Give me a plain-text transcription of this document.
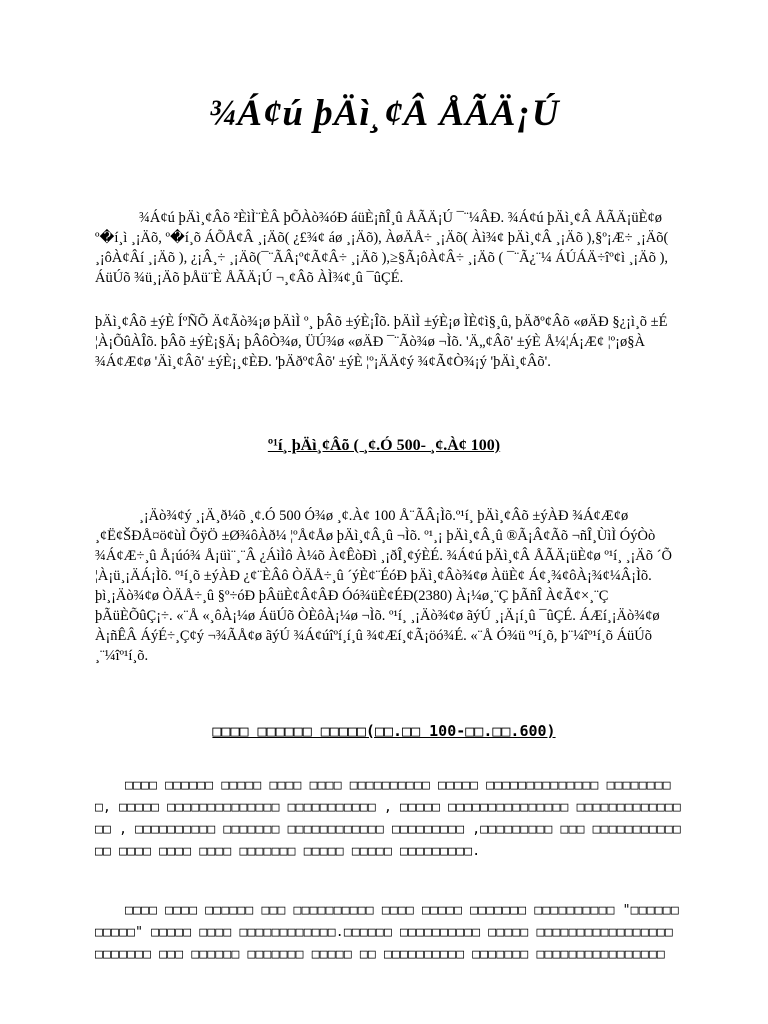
¾Á¢ú þÄì¸¢Â ÅÃÄ¡Ú

¾Á¢ú þÄì¸¢Âõ ²ÈìÌ¨ÈÂ þÕÀò¾óÐ áüÈ¡ñÎ¸û ÅÃÄ¡Ú ¯¨¼ÂÐ. ¾Á¢ú þÄì¸¢Â ÅÃÄ¡üÈ¢ø º�í¸ì ¸¡Äõ, º�í¸õ ÁÕÅ¢Â ¸¡Äõ( ¿£¾¢ áø ¸¡Äõ), ÀøÄÅ÷ ¸¡Äõ( Àì¾¢ þÄì¸¢Â ¸¡Äõ ),§º¡Æ÷ ¸¡Äõ( ¸¡ôÀ¢Âí ¸¡Äõ ), ¿¡Â¸÷ ¸¡Äõ(¯¨ÃÂ¡º¢Ã¢Â÷ ¸¡Äõ ),≥§Ã¡ôÀ¢Â÷ ¸¡Äõ ( ¯¨Ã¿¨¼ ÁÚÁÄ÷îº¢ì ¸¡Äõ ), ÁüÚõ ¾ü¸¡Äõ þÅü¨È ÅÃÄ¡Ú ¬¸¢Âõ ÀÌ¾¢¸û ¯ûÇÉ.

þÄì¸¢Âõ ±ýÈ ÍºÑÕ Ä¢Ãò¾¡ø þÄìÌ º¸ þÂõ ±ýÈ¡Îõ. þÄìÌ ±ýÈ¡ø ÌÈ¢ì§¸û, þÄðº¢Âõ «øÄÐ §¿¡ì¸õ ±É ¦À¡ÕûÀÎõ. þÂõ ±ýÈ¡§Ä¡ þÂôÒ¾ø, ÜÚ¾ø «øÄÐ ¯¨Ãò¾ø ¬Ìõ. 'Ä„¢Âõ' ±ýÈ Å¼¦Á¡Æ¢ ¦º¡ø§À ¾Á¢Æ¢ø 'Äì¸¢Âõ' ±ýÈ¡¸¢ÈÐ. 'þÄðº¢Âõ' ±ýÈ ¦º¡ÄÄ¢ý ¾¢Ã¢Ò¾¡ý 'þÄì¸¢Âõ'.

º¹í¸ þÄì¸¢Âõ ( ¸¢.Ó 500- ¸¢.À¢ 100)

¸¡Äò¾¢ý ¸¡Ä¸ð¼õ ¸¢.Ó 500 Ó¾ø ¸¢.À¢ 100 Å¨ÃÂ¡Ìõ.º¹í¸ þÄì¸¢Âõ ±ýÀÐ ¾Á¢Æ¢ø ¸¢Ë¢ŠÐÅ¤ö¢ùÌ ÕÿÖ ±Ø¾ôÀð¼ ¦ºÅ¢Åø þÄì¸¢Â¸û ¬Ìõ. º¹¸¡ þÄì¸¢Â¸û ®Ã¡Â¢Ãõ ¬ñÎ¸ÙìÌ ÓýÒò ¾Á¢Æ÷¸û Å¡úó¾ Å¡üì¨¸¨Â ¿ÁìÌô À¼õ À¢ÊòÐì ¸¡ðÎ¸¢ýÈÉ. ¾Á¢ú þÄì¸¢Â ÅÃÄ¡üÈ¢ø º¹í¸ ¸¡Äõ ´Õ ¦À¡ü¸¡ÄÁ¡Ìõ. º¹í¸õ ±ýÀÐ ¿¢¨ÈÂô ÒÄÅ÷¸û ´ýÈ¢¨ÉóÐ þÄì¸¢Âò¾¢ø ÀüÈ¢ Á¢¸¾¢ôÀ¡¾¢¼Â¡Ìõ. þì¸¡Äò¾¢ø ÒÄÅ÷¸û §º÷óÐ þÂüÈ¢Â¢ÂÐ Óó¾üÈ¢ÉÐ(2380) À¡¼ø¸¨Ç þÃñÎ À¢Ã¢×¸¨Ç þÃüÈÕûÇ¡÷. «¨Å «¸ôÀ¡¼ø ÁüÚõ ÒÈôÀ¡¼ø ¬Ìõ. º¹í¸ ¸¡Äò¾¢ø ãýÚ ¸¡Ä¡í¸û ¯ûÇÉ. ÁÆí¸¡Äò¾¢ø À¡ñÊÂ ÁýÉ÷¸Ç¢ý ¬¾ÃÅ¢ø ãýÚ ¾Á¢úîºí¸í¸û ¾¢Æí¸¢Ã¡öó¾É. «¨Å Ó¾ü º¹í¸õ, þ¨¼îº¹í¸õ ÁüÚõ ¸¨¼îº¹í¸õ.

□□□□ □□□□□□ □□□□□(□□.□□ 100-□□.□□.600)

□□□□ □□□□□□ □□□□□ □□□□ □□□□ □□□□□□□□□□ □□□□□ □□□□□□□□□□□□□□ □□□□□□□□□, □□□□□ □□□□□□□□□□□□□□ □□□□□□□□□□□ , □□□□□ □□□□□□□□□□□□□□□ □□□□□□□□□□□□□□□ , □□□□□□□□□□ □□□□□□□ □□□□□□□□□□□□ □□□□□□□□□ ,□□□□□□□□□ □□□ □□□□□□□□□□□□□ □□□□ □□□□ □□□□ □□□□□□□ □□□□□ □□□□□ □□□□□□□□□.

□□□□ □□□□ □□□□□□ □□□ □□□□□□□□□□ □□□□ □□□□□ □□□□□□□ □□□□□□□□□□ "□□□□□□ □□□□□" □□□□□ □□□□ □□□□□□□□□□□□.□□□□□□ □□□□□□□□□□ □□□□□ □□□□□□□□□□□□□□□□□ □□□□□□□ □□□ □□□□□□ □□□□□□□ □□□□□ □□ □□□□□□□□□□ □□□□□□□ □□□□□□□□□□□□□□□□
